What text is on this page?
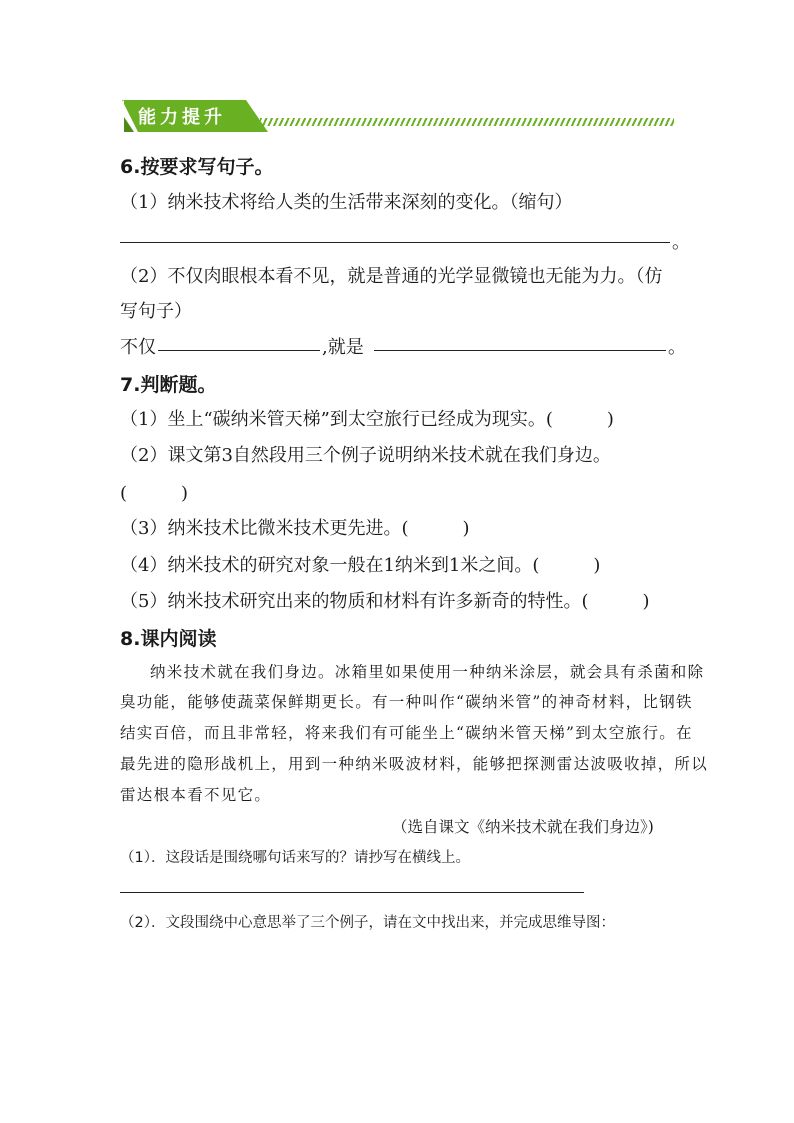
能力提升
6.按要求写句子。
（1）纳米技术将给人类的生活带来深刻的变化。（缩句）
。
（2）不仅肉眼根本看不见，就是普通的光学显微镜也无能为力。（仿
写句子）
不仅	,就是	。
7.判断题。
（1）坐上“碳纳米管天梯”到太空旅行已经成为现实。(　　　)
（2）课文第3自然段用三个例子说明纳米技术就在我们身边。
(　　　)
（3）纳米技术比微米技术更先进。(　　　)
（4）纳米技术的研究对象一般在1纳米到1米之间。(　　　)
（5）纳米技术研究出来的物质和材料有许多新奇的特性。(　　　)
8.课内阅读
纳米技术就在我们身边。冰箱里如果使用一种纳米涂层，就会具有杀菌和除
臭功能，能够使蔬菜保鲜期更长。有一种叫作“碳纳米管”的神奇材料，比钢铁
结实百倍，而且非常轻，将来我们有可能坐上“碳纳米管天梯”到太空旅行。在
最先进的隐形战机上，用到一种纳米吸波材料，能够把探测雷达波吸收掉，所以
雷达根本看不见它。
（选自课文《纳米技术就在我们身边》)
（1）．这段话是围绕哪句话来写的？请抄写在横线上。
（2）．文段围绕中心意思举了三个例子，请在文中找出来，并完成思维导图：
